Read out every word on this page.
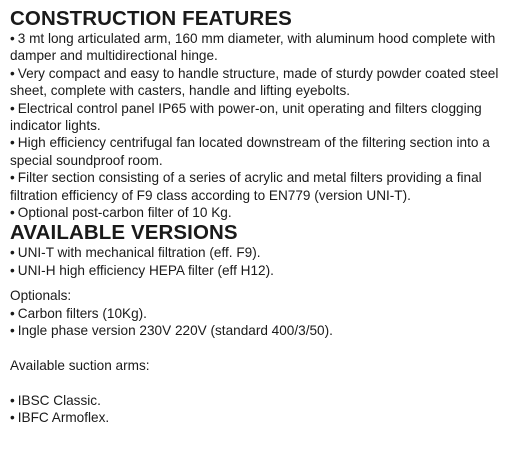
CONSTRUCTION FEATURES
• 3 mt long articulated arm, 160 mm diameter, with aluminum hood complete with damper and multidirectional hinge.
• Very compact and easy to handle structure, made of sturdy powder coated steel sheet, complete with casters, handle and lifting eyebolts.
• Electrical control panel IP65 with power-on, unit operating and filters clogging indicator lights.
• High efficiency centrifugal fan located downstream of the filtering section into a special soundproof room.
• Filter section consisting of a series of acrylic and metal filters providing a final filtration efficiency of F9 class according to EN779 (version UNI-T).
• Optional post-carbon filter of 10 Kg.
AVAILABLE VERSIONS
• UNI-T with mechanical filtration (eff. F9).
• UNI-H high efficiency HEPA filter (eff H12).
Optionals:
• Carbon filters (10Kg).
• Ingle phase version 230V 220V (standard 400/3/50).
Available suction arms:
• IBSC Classic.
• IBFC Armoflex.
